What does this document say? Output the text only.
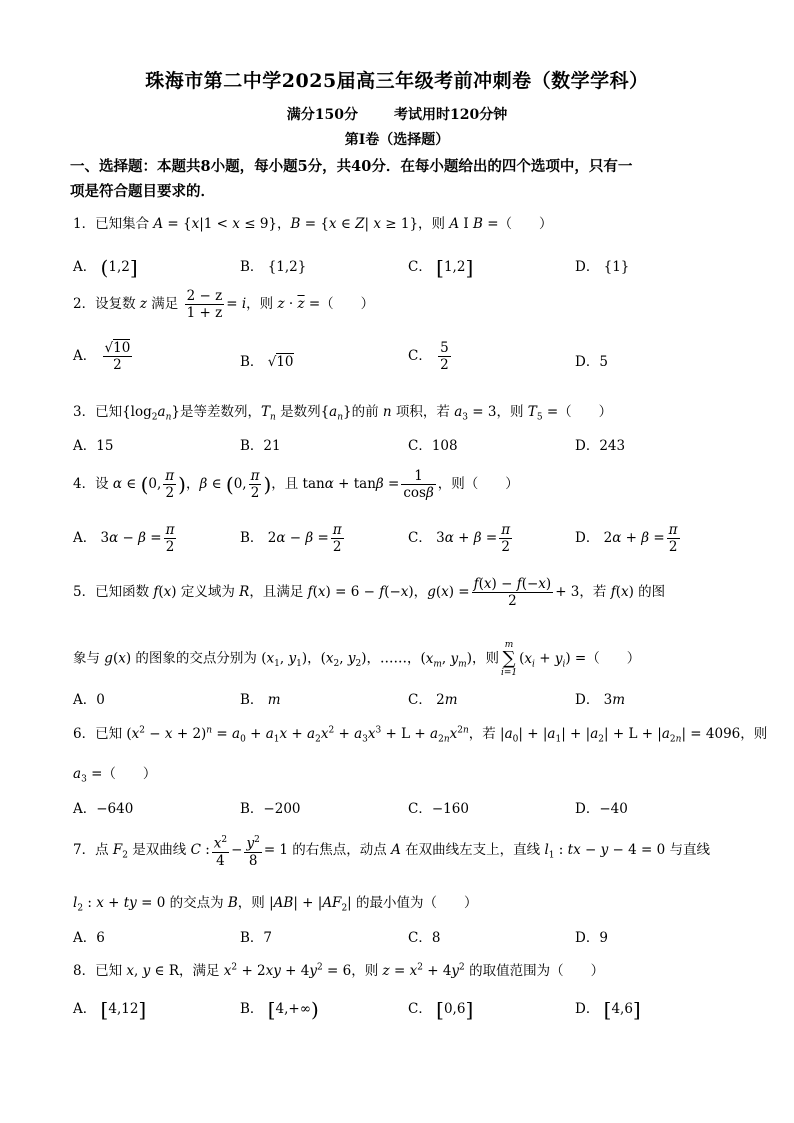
珠海市第二中学2025届高三年级考前冲刺卷（数学学科）
满分150分	考试用时120分钟
第Ⅰ卷（选择题）
一、选择题：本题共8小题，每小题5分，共40分．在每小题给出的四个选项中，只有一
项是符合题目要求的．
1．已知集合 A = {x|1 < x ≤ 9}，B = {x ∈ Z| x ≥ 1}，则 A Ι B =（　　）
A． (1,2]	B． {1,2}	C． [1,2]	D． {1}
2．设复数 z 满足 $\frac{2 - z}{1 + z} = i$，则 $z \cdot \overline{z}$ =（　　）
A． $\frac{√10}{2}$	B． √10	C． $\frac{5}{2}$	D．5
3．已知$\{\log_2a_n\}$是等差数列，$T_n$ 是数列$\{a_n\}$的前 n 项积，若 $a_3 = 3$，则 $T_5$ =（　　）
A．15	B．21	C．108	D．243
4．设 α ∈ (0, $\frac{\pi}{2}$ )，β ∈ (0, $\frac{\pi}{2}$ )，且 $\tan\alpha + \tan\beta = \frac{1}{\cos\beta}$ ，则（　　）
A． $3\alpha - \beta = \frac{\pi}{2}$	B． $2\alpha - \beta = \frac{\pi}{2}$	C． $3\alpha + \beta = \frac{\pi}{2}$	D． $2\alpha + \beta = \frac{\pi}{2}$
5．已知函数 f(x) 定义域为 R，且满足 f(x) = 6 − f(−x)，$g(x) = \frac{f(x) - f(-x)}{2} + 3$，若 f(x) 的图
象与 g(x) 的图象的交点分别为 ($x_1$, $y_1$)，($x_2$, $y_2$)，……，($x_m$, $y_m$)，则
m
∑
i=1
$(x_i + y_i)$ =（　　）
A．0	B． m	C． 2m	D． 3m
6．已知 $(x^2 - x + 2)^n = a_0 + a_1x + a_2x^2 + a_3x^3 + L + a_{2n}x^{2n}$，若 $|a_0| + |a_1| + |a_2| + L + |a_{2n}| = 4096$，则
$a_3$ =（　　）
A．−640	B．−200	C．−160	D．−40
7．点 $F_2$ 是双曲线 C : $\frac{x^2}{4} - \frac{y^2}{8} = 1$ 的右焦点，动点 A 在双曲线左支上，直线 $l_1$ : tx − y − 4 = 0 与直线
$l_2$ : x + ty = 0 的交点为 B，则 $|AB| + |AF_2|$ 的最小值为（　　）
A．6	B．7	C．8	D．9
8．已知 x, y ∈ R，满足 $x^2 + 2xy + 4y^2 = 6$，则 $z = x^2 + 4y^2$ 的取值范围为（　　）
A． [4,12]	B． [4,+∞)	C． [0,6]	D． [4,6]
